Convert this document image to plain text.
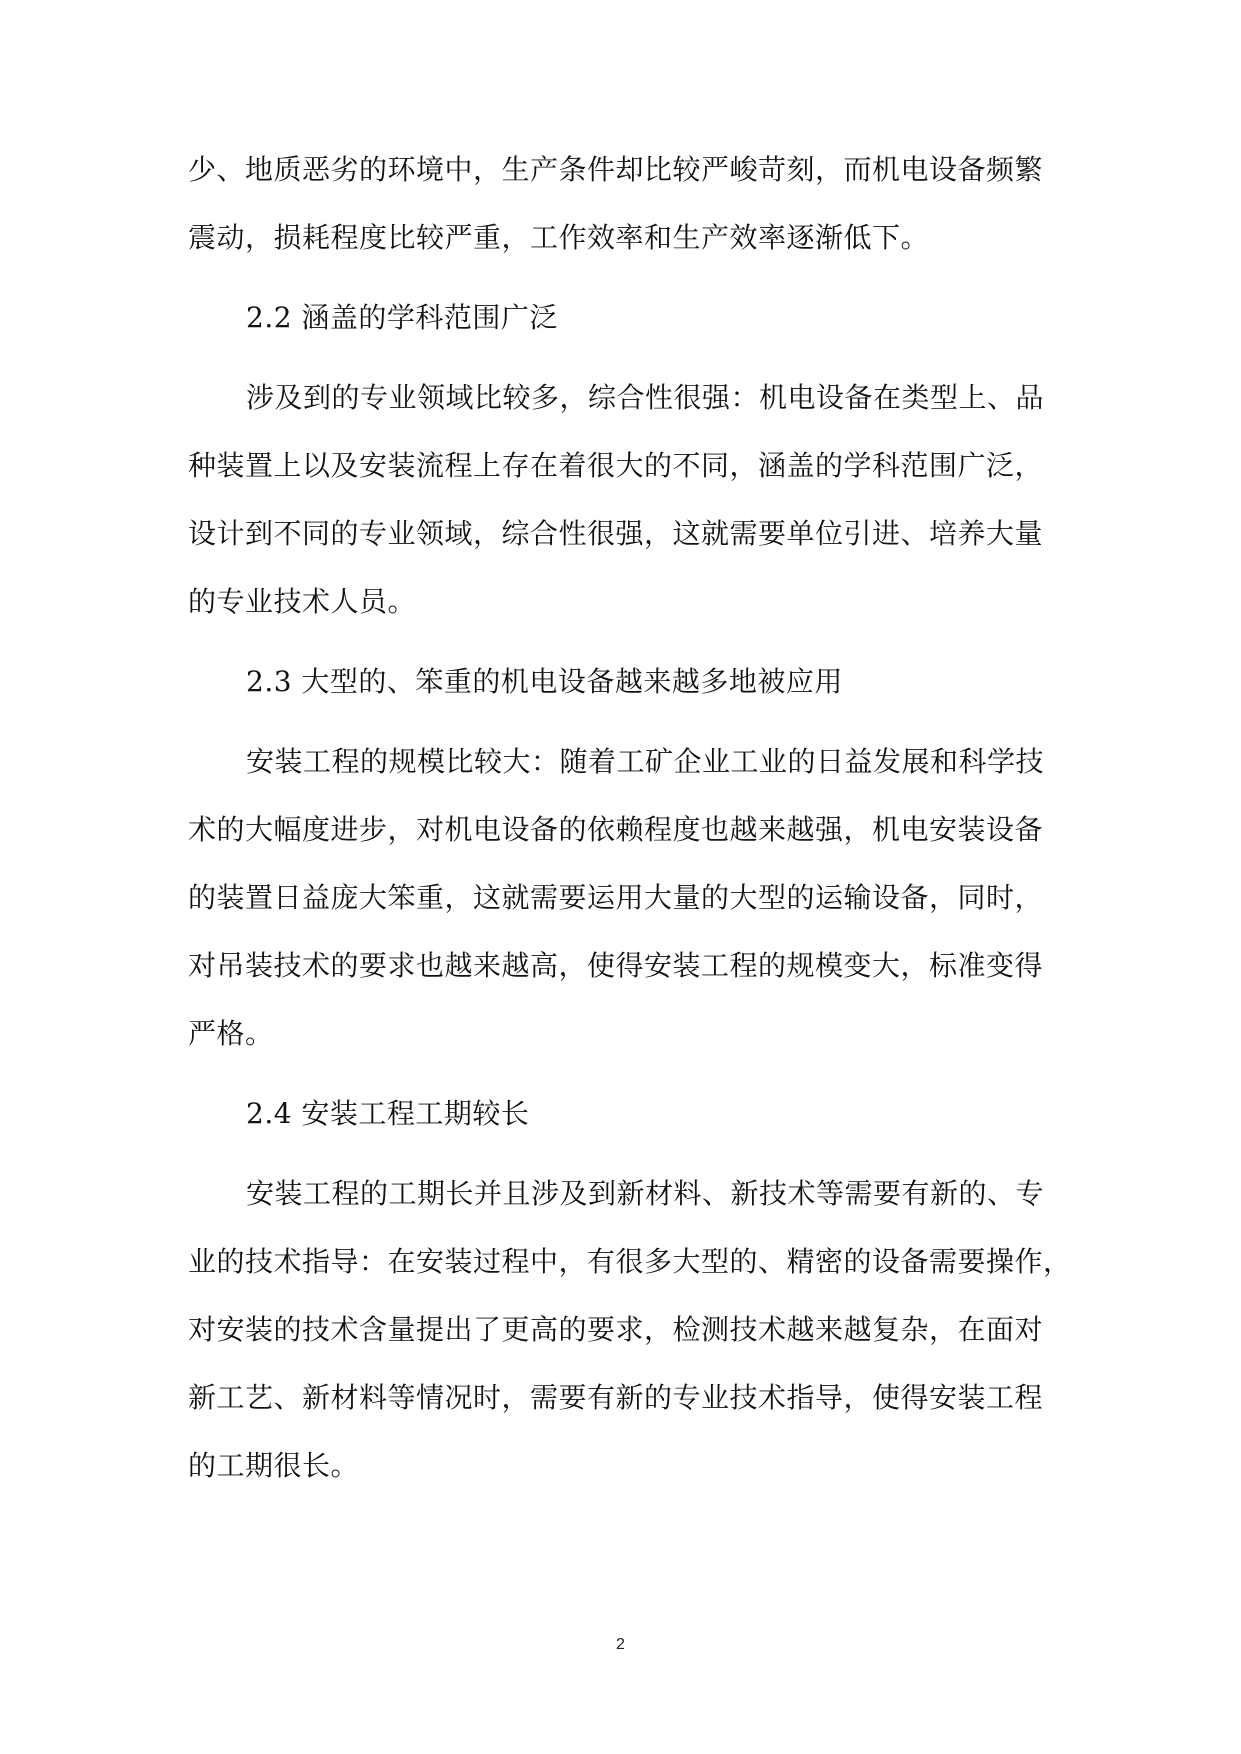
少、地质恶劣的环境中，生产条件却比较严峻苛刻，而机电设备频繁
震动，损耗程度比较严重，工作效率和生产效率逐渐低下。
2.2 涵盖的学科范围广泛
涉及到的专业领域比较多，综合性很强：机电设备在类型上、品
种装置上以及安装流程上存在着很大的不同，涵盖的学科范围广泛，
设计到不同的专业领域，综合性很强，这就需要单位引进、培养大量
的专业技术人员。
2.3 大型的、笨重的机电设备越来越多地被应用
安装工程的规模比较大：随着工矿企业工业的日益发展和科学技
术的大幅度进步，对机电设备的依赖程度也越来越强，机电安装设备
的装置日益庞大笨重，这就需要运用大量的大型的运输设备，同时，
对吊装技术的要求也越来越高，使得安装工程的规模变大，标准变得
严格。
2.4 安装工程工期较长
安装工程的工期长并且涉及到新材料、新技术等需要有新的、专
业的技术指导：在安装过程中，有很多大型的、精密的设备需要操作，
对安装的技术含量提出了更高的要求，检测技术越来越复杂，在面对
新工艺、新材料等情况时，需要有新的专业技术指导，使得安装工程
的工期很长。
2
